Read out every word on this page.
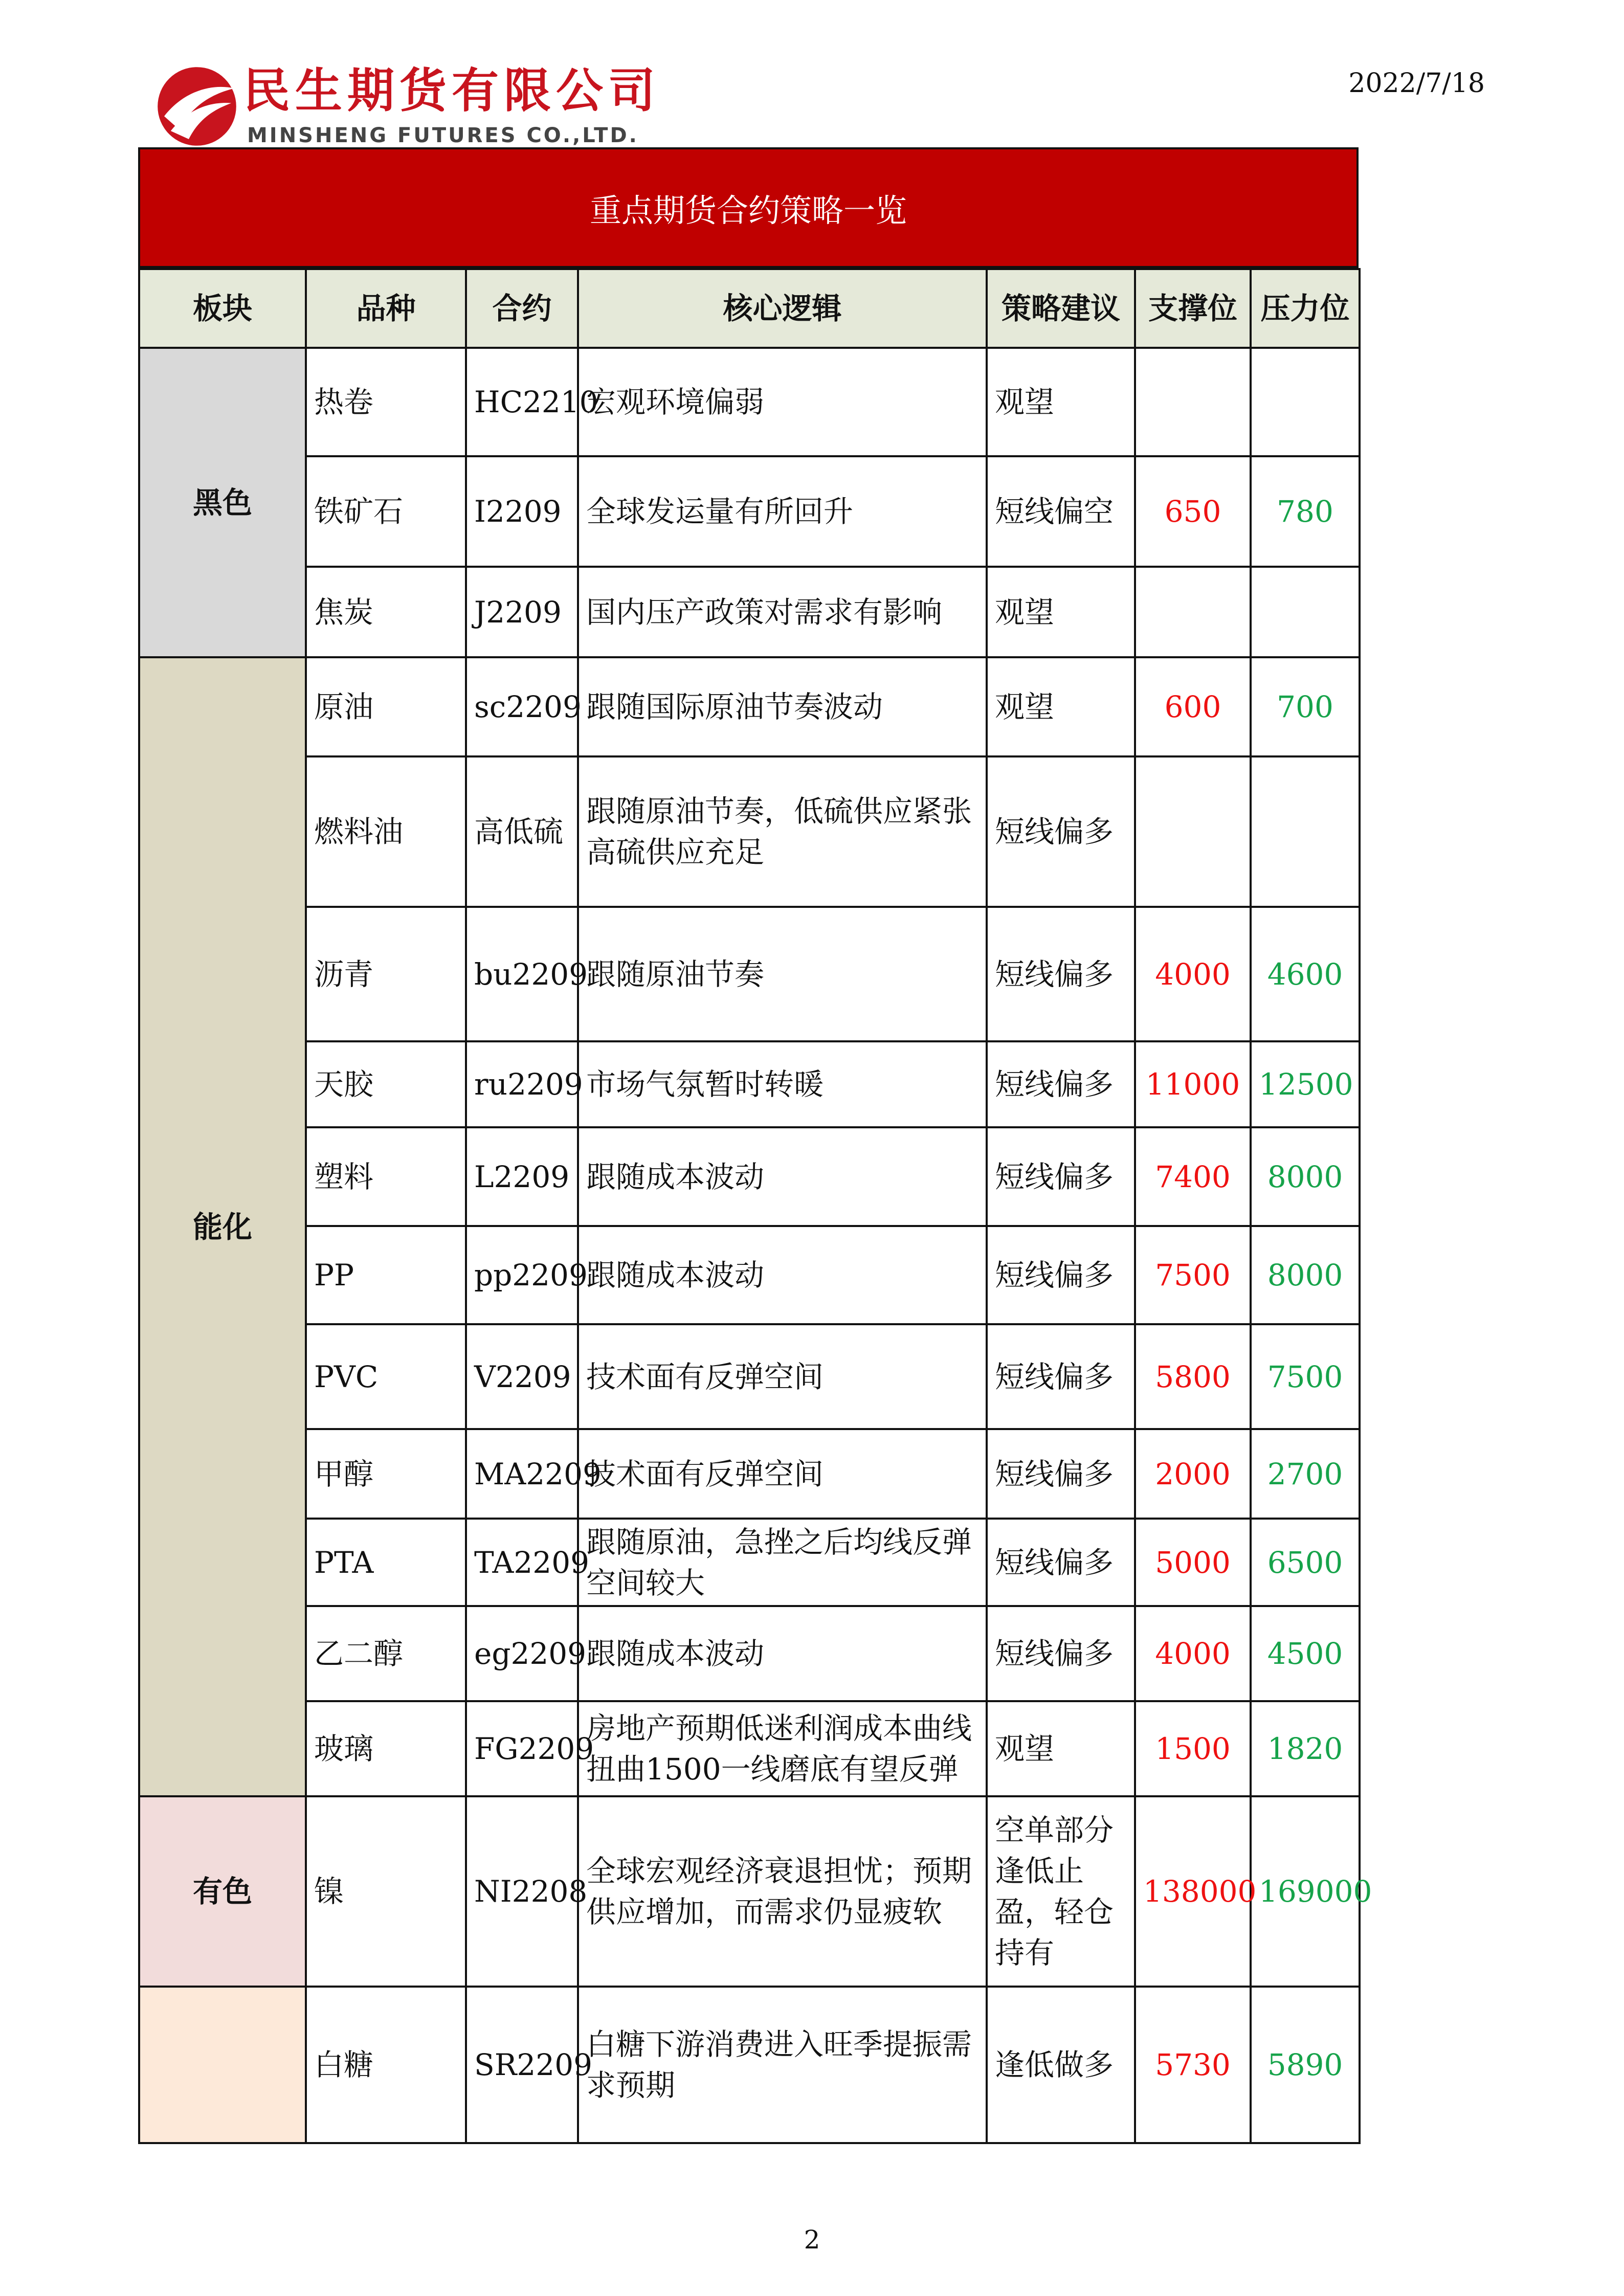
民生期货有限公司
MINSHENG FUTURES CO.,LTD.
2022/7/18
重点期货合约策略一览
板块	品种	合约	核心逻辑	策略建议	支撑位	压力位
黑色	热卷	HC2210	宏观环境偏弱	观望		
	铁矿石	I2209	全球发运量有所回升	短线偏空	650	780
	焦炭	J2209	国内压产政策对需求有影响	观望		
能化	原油	sc2209	跟随国际原油节奏波动	观望	600	700
	燃料油	高低硫	跟随原油节奏，低硫供应紧张高硫供应充足	短线偏多		
	沥青	bu2209	跟随原油节奏	短线偏多	4000	4600
	天胶	ru2209	市场气氛暂时转暖	短线偏多	11000	12500
	塑料	L2209	跟随成本波动	短线偏多	7400	8000
	PP	pp2209	跟随成本波动	短线偏多	7500	8000
	PVC	V2209	技术面有反弹空间	短线偏多	5800	7500
	甲醇	MA2209	技术面有反弹空间	短线偏多	2000	2700
	PTA	TA2209	跟随原油，急挫之后均线反弹空间较大	短线偏多	5000	6500
	乙二醇	eg2209	跟随成本波动	短线偏多	4000	4500
	玻璃	FG2209	房地产预期低迷利润成本曲线扭曲1500一线磨底有望反弹	观望	1500	1820
有色	镍	NI2208	全球宏观经济衰退担忧；预期供应增加，而需求仍显疲软	空单部分逢低止盈，轻仓持有	138000	169000
	白糖	SR2209	白糖下游消费进入旺季提振需求预期	逢低做多	5730	5890
2
